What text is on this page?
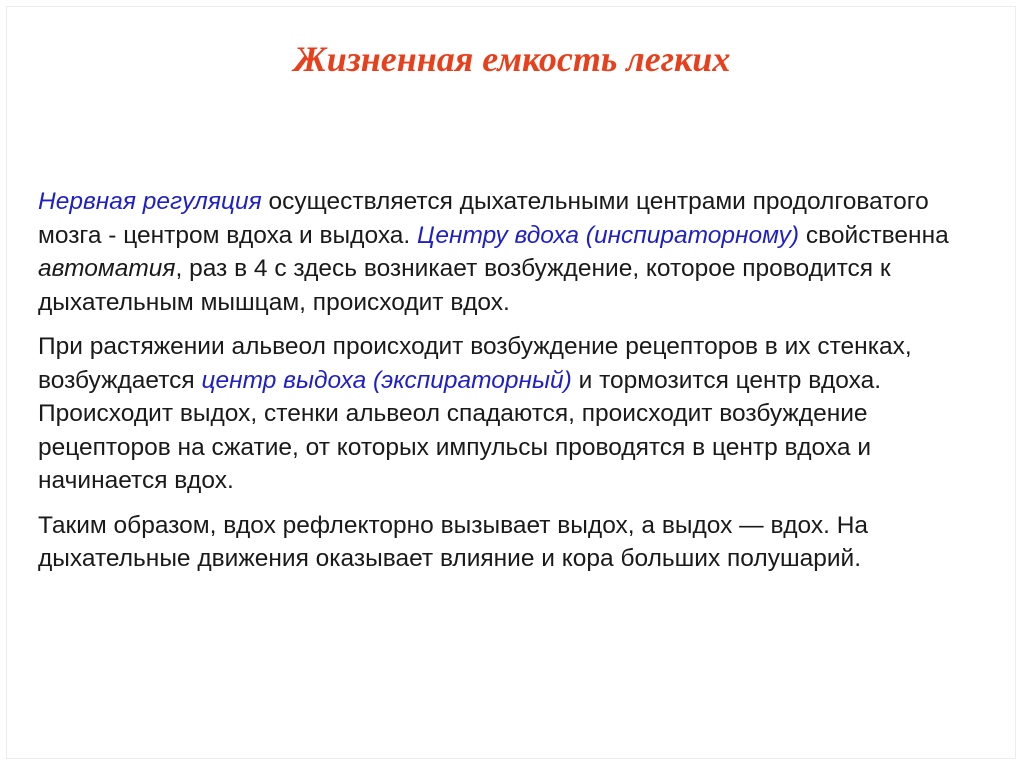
Жизненная емкость легких

Нервная регуляция осуществляется дыхательными центрами продолговатого мозга - центром вдоха и выдоха. Центру вдоха (инспираторному) свойственна автоматия, раз в 4 с здесь возникает возбуждение, которое проводится к дыхательным мышцам, происходит вдох.

При растяжении альвеол происходит возбуждение рецепторов в их стенках, возбуждается центр выдоха (экспираторный) и тормозится центр вдоха. Происходит выдох, стенки альвеол спадаются, происходит возбуждение рецепторов на сжатие, от которых импульсы проводятся в центр вдоха и начинается вдох.

Таким образом, вдох рефлекторно вызывает выдох, а выдох — вдох. На дыхательные движения оказывает влияние и кора больших полушарий.
